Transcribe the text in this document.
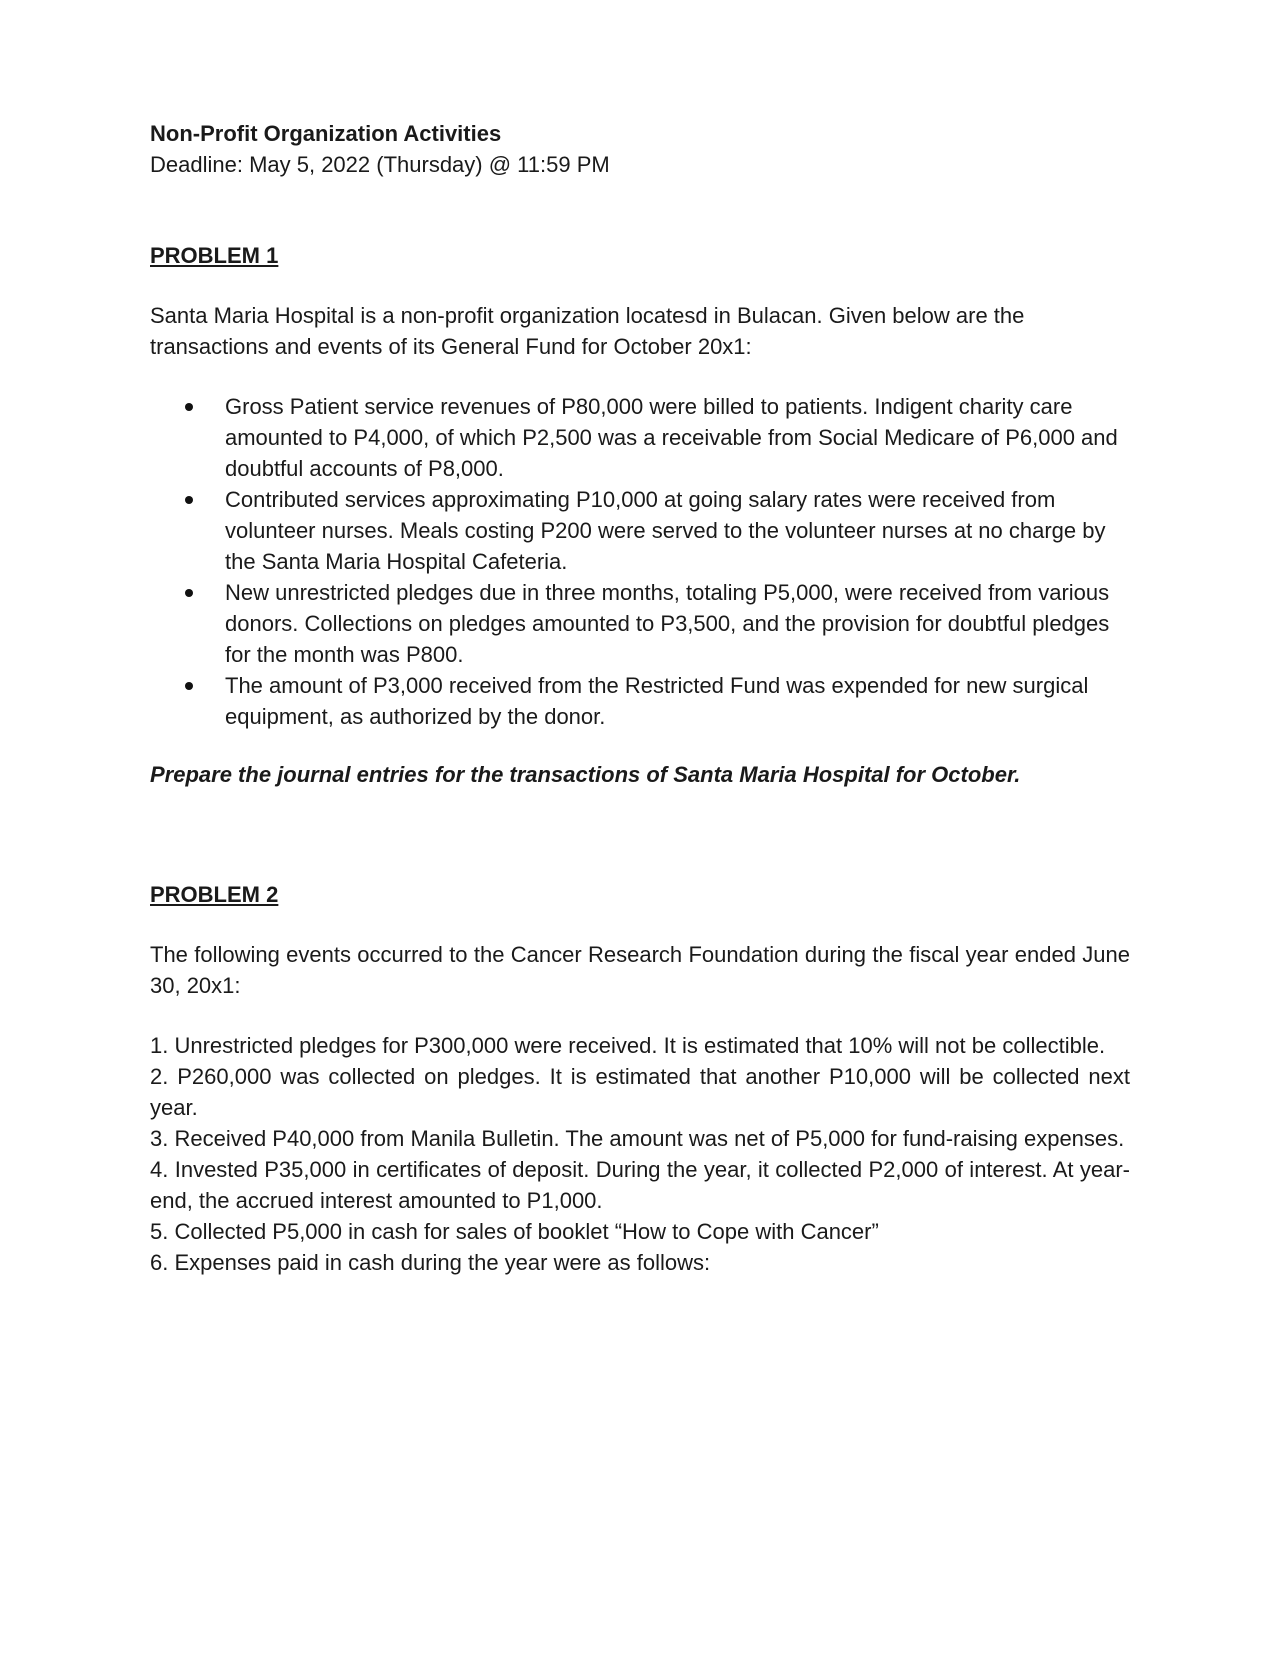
Non-Profit Organization Activities

Deadline: May 5, 2022 (Thursday) @ 11:59 PM

PROBLEM 1

Santa Maria Hospital is a non-profit organization locatesd in Bulacan. Given below are the transactions and events of its General Fund for October 20x1:

Gross Patient service revenues of P80,000 were billed to patients. Indigent charity care amounted to P4,000, of which P2,500 was a receivable from Social Medicare of P6,000 and doubtful accounts of P8,000.
Contributed services approximating P10,000 at going salary rates were received from volunteer nurses. Meals costing P200 were served to the volunteer nurses at no charge by the Santa Maria Hospital Cafeteria.
New unrestricted pledges due in three months, totaling P5,000, were received from various donors. Collections on pledges amounted to P3,500, and the provision for doubtful pledges for the month was P800.
The amount of P3,000 received from the Restricted Fund was expended for new surgical equipment, as authorized by the donor.

Prepare the journal entries for the transactions of Santa Maria Hospital for October.

PROBLEM 2

The following events occurred to the Cancer Research Foundation during the fiscal year ended June 30, 20x1:

1. Unrestricted pledges for P300,000 were received. It is estimated that 10% will not be collectible.

2. P260,000 was collected on pledges. It is estimated that another P10,000 will be collected next year.

3. Received P40,000 from Manila Bulletin. The amount was net of P5,000 for fund-raising expenses.

4. Invested P35,000 in certificates of deposit. During the year, it collected P2,000 of interest. At year-end, the accrued interest amounted to P1,000.

5. Collected P5,000 in cash for sales of booklet “How to Cope with Cancer”

6. Expenses paid in cash during the year were as follows:
